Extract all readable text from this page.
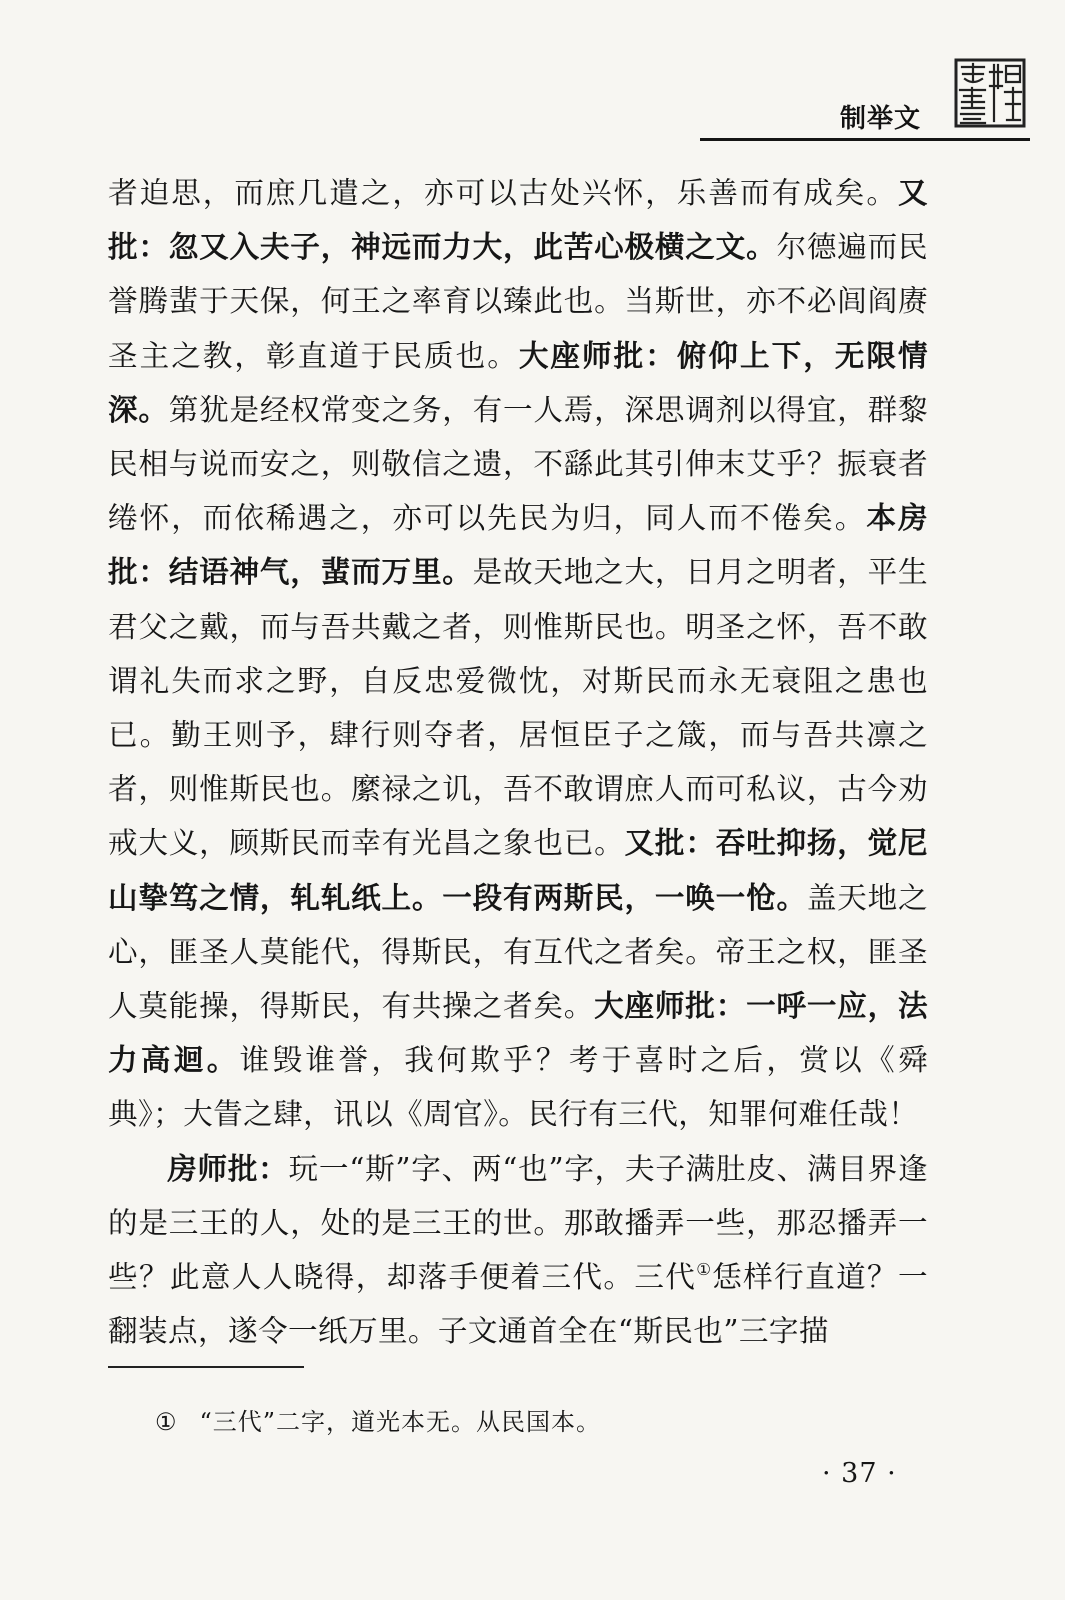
制举文

者迫思，而庶几遣之，亦可以古处兴怀，乐善而有成矣。又批：忽又入夫子，神远而力大，此苦心极横之文。尔德遍而民誉腾蜚于天保，何王之率育以臻此也。当斯世，亦不必闾阎赓圣主之教，彰直道于民质也。大座师批：俯仰上下，无限情深。第犹是经权常变之务，有一人焉，深思调剂以得宜，群黎民相与说而安之，则敬信之遗，不繇此其引伸末艾乎？振衰者绻怀，而依稀遇之，亦可以先民为归，同人而不倦矣。本房批：结语神气，蜚而万里。是故天地之大，日月之明者，平生君父之戴，而与吾共戴之者，则惟斯民也。明圣之怀，吾不敢谓礼失而求之野，自反忠爱微忱，对斯民而永无衰阻之患也已。勤王则予，肆行则夺者，居恒臣子之箴，而与吾共凛之者，则惟斯民也。縻禄之讥，吾不敢谓庶人而可私议，古今劝戒大义，顾斯民而幸有光昌之象也已。又批：吞吐抑扬，觉尼山挚笃之情，轧轧纸上。一段有两斯民，一唤一怆。盖天地之心，匪圣人莫能代，得斯民，有互代之者矣。帝王之权，匪圣人莫能操，得斯民，有共操之者矣。大座师批：一呼一应，法力高迴。谁毁谁誉，我何欺乎？考于喜时之后，赏以《舜典》；大眚之肆，讯以《周官》。民行有三代，知罪何难任哉！

房师批：玩一“斯”字、两“也”字，夫子满肚皮、满目界逢的是三王的人，处的是三王的世。那敢播弄一些，那忍播弄一些？此意人人晓得，却落手便着三代。三代①恁样行直道？一翻装点，遂令一纸万里。子文通首全在“斯民也”三字描

① “三代”二字，道光本无。从民国本。
· 37 ·
